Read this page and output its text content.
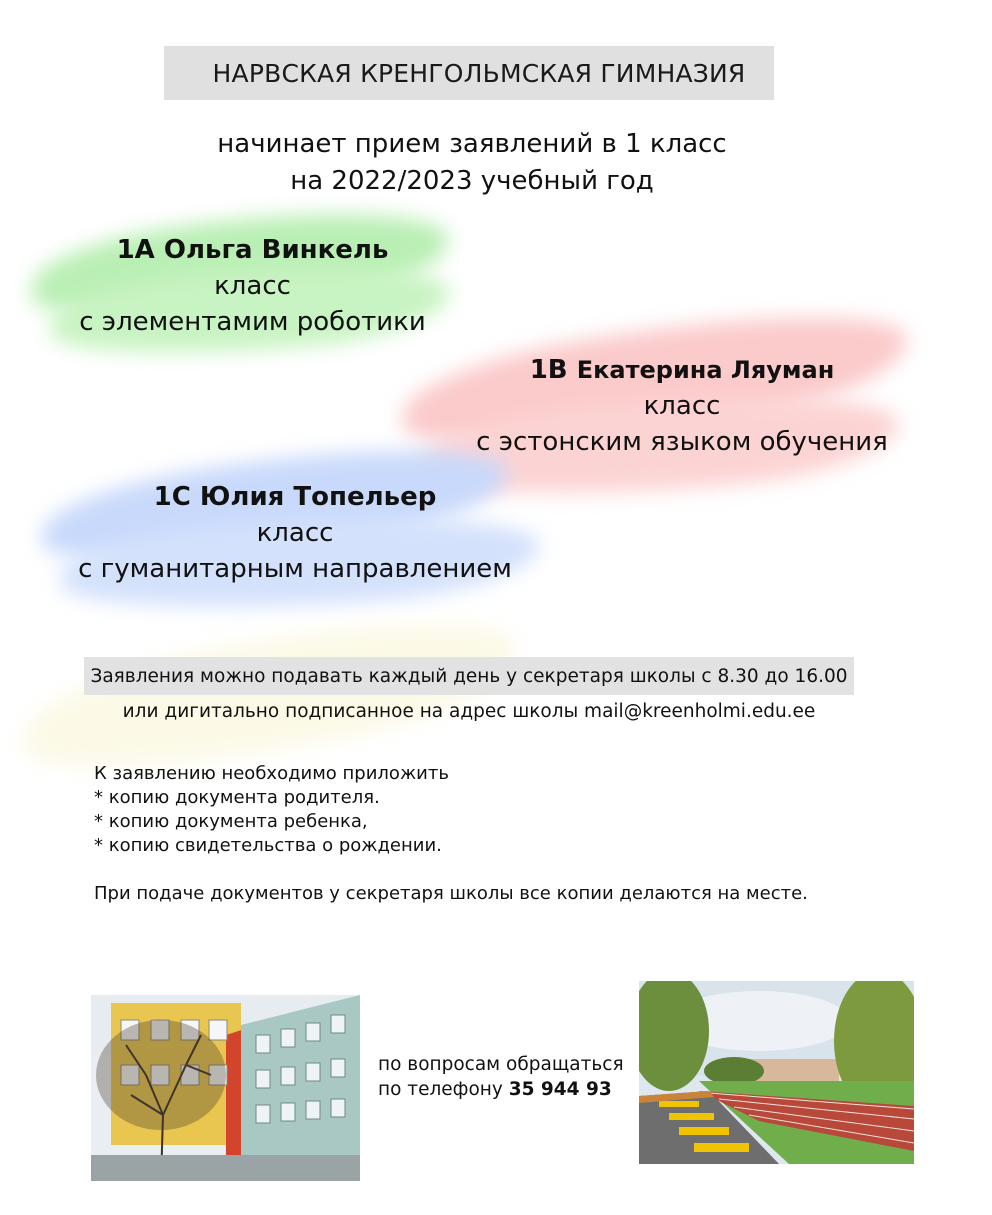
НАРВСКАЯ КРЕНГОЛЬМСКАЯ ГИМНАЗИЯ
начинает прием заявлений в 1 класс
на 2022/2023 учебный год
1А Ольга Винкель
класс
с элементамим роботики
1В Екатерина Ляуман
класс
с эстонским языком обучения
1С Юлия Топельер
класс
с гуманитарным направлением
Заявления можно подавать каждый день у секретаря школы с 8.30 до 16.00
или дигитально подписанное на адрес школы mail@kreenholmi.edu.ee
К заявлению необходимо приложить
* копию документа родителя.
* копию документа ребенка,
* копию свидетельства о рождении.
При подаче документов у секретаря школы все копии делаются на месте.
по вопросам обращаться
по телефону 35 944 93
